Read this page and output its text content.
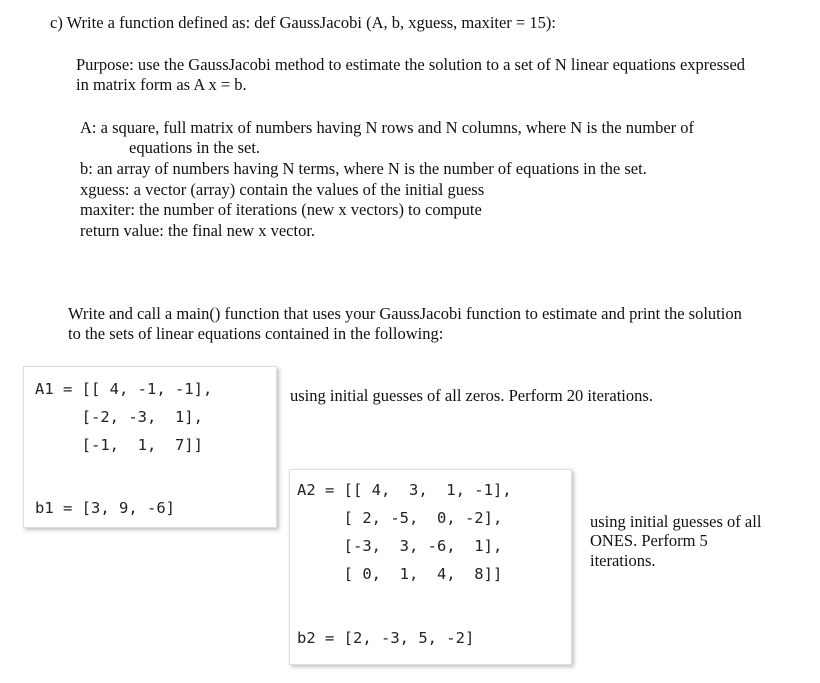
c) Write a function defined as: def GaussJacobi (A, b, xguess, maxiter = 15):
Purpose: use the GaussJacobi method to estimate the solution to a set of N linear equations expressed
in matrix form as A x = b.
A: a square, full matrix of numbers having N rows and N columns, where N is the number of
equations in the set.
b: an array of numbers having N terms, where N is the number of equations in the set.
xguess: a vector (array) contain the values of the initial guess
maxiter: the number of iterations (new x vectors) to compute
return value: the final new x vector.
Write and call a main() function that uses your GaussJacobi function to estimate and print the solution
to the sets of linear equations contained in the following:
A1 = [[ 4, -1, -1],
[-2, -3,  1],
[-1,  1,  7]]
b1 = [3, 9, -6]
using initial guesses of all zeros. Perform 20 iterations.
A2 = [[ 4,  3,  1, -1],
[ 2, -5,  0, -2],
[-3,  3, -6,  1],
[ 0,  1,  4,  8]]
b2 = [2, -3, 5, -2]
using initial guesses of all
ONES. Perform 5
iterations.
